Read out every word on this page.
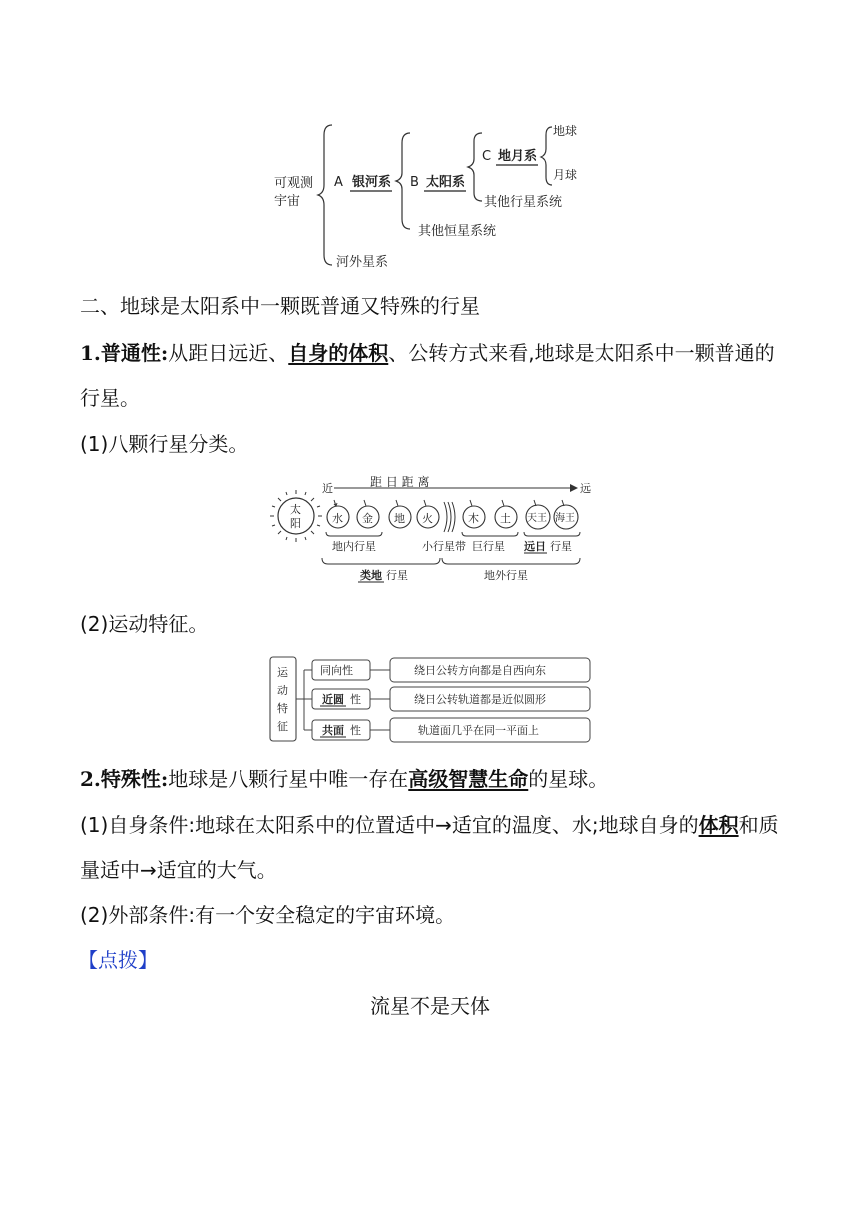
可观测
宇宙
A 银河系 B 太阳系
C 地月系
地球
月球
其他行星系统
其他恒星系统
河外星系
二、地球是太阳系中一颗既普通又特殊的行星
1.普通性:从距日远近、自身的体积、公转方式来看,地球是太阳系中一颗普通的
行星。
(1)八颗行星分类。
近	距 日 距 离	远
太
阳	水 金 地 火	木 土 天王 海王
地内行星	小行星带 巨行星 远日 行星
类地 行星	地外行星
(2)运动特征。
运
动
特
征
同向性	绕日公转方向都是自西向东
近圆 性	绕日公转轨道都是近似圆形
共面 性	轨道面几乎在同一平面上
2.特殊性:地球是八颗行星中唯一存在高级智慧生命的星球。
(1)自身条件:地球在太阳系中的位置适中→适宜的温度、水;地球自身的体积和质
量适中→适宜的大气。
(2)外部条件:有一个安全稳定的宇宙环境。
【点拨】
流星不是天体
